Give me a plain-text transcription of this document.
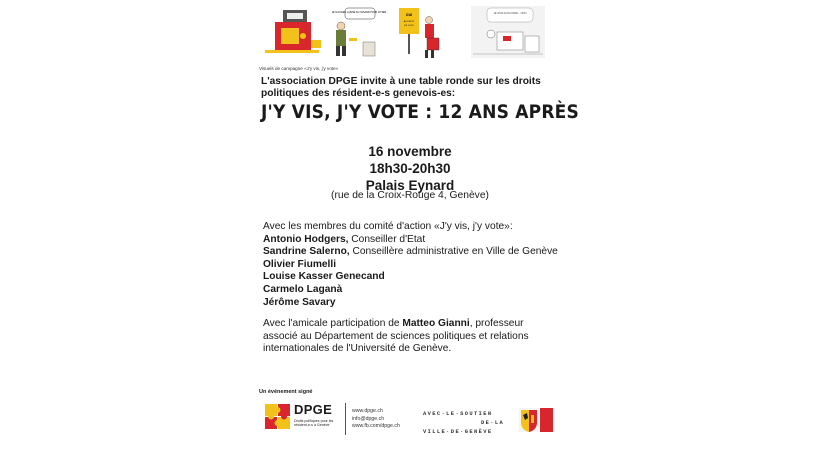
JE N'AI RIEN LAISSÉ AU HASARD POUR VOTER...
OUI
AU DROIT
DE VOTE
JE SUIS D'ACCORD... NON
Visuels de campagne «J'y vis, j'y vote»
L'association DPGE invite à une table ronde sur les droits politiques des résident-e-s genevois-es:
J'Y VIS, J'Y VOTE : 12 ANS APRÈS
16 novembre
18h30-20h30
Palais Eynard
(rue de la Croix-Rouge 4, Genève)
Avec les membres du comité d'action «J'y vis, j'y vote»:
Antonio Hodgers, Conseiller d'Etat
Sandrine Salerno, Conseillère administrative en Ville de Genève
Olivier Fiumelli
Louise Kasser Genecand
Carmelo Laganà
Jérôme Savary
Avec l'amicale participation de Matteo Gianni, professeur associé au Département de sciences politiques et relations internationales de l'Université de Genève.
Un événement signé
DPGE
Droits politiques pour les résident-e-s à Genève
www.dpge.ch
info@dpge.ch
www.fb.com/dpge.ch
AVEC·LE·SOUTIEN
DE·LA
VILLE·DE·GENÈVE
